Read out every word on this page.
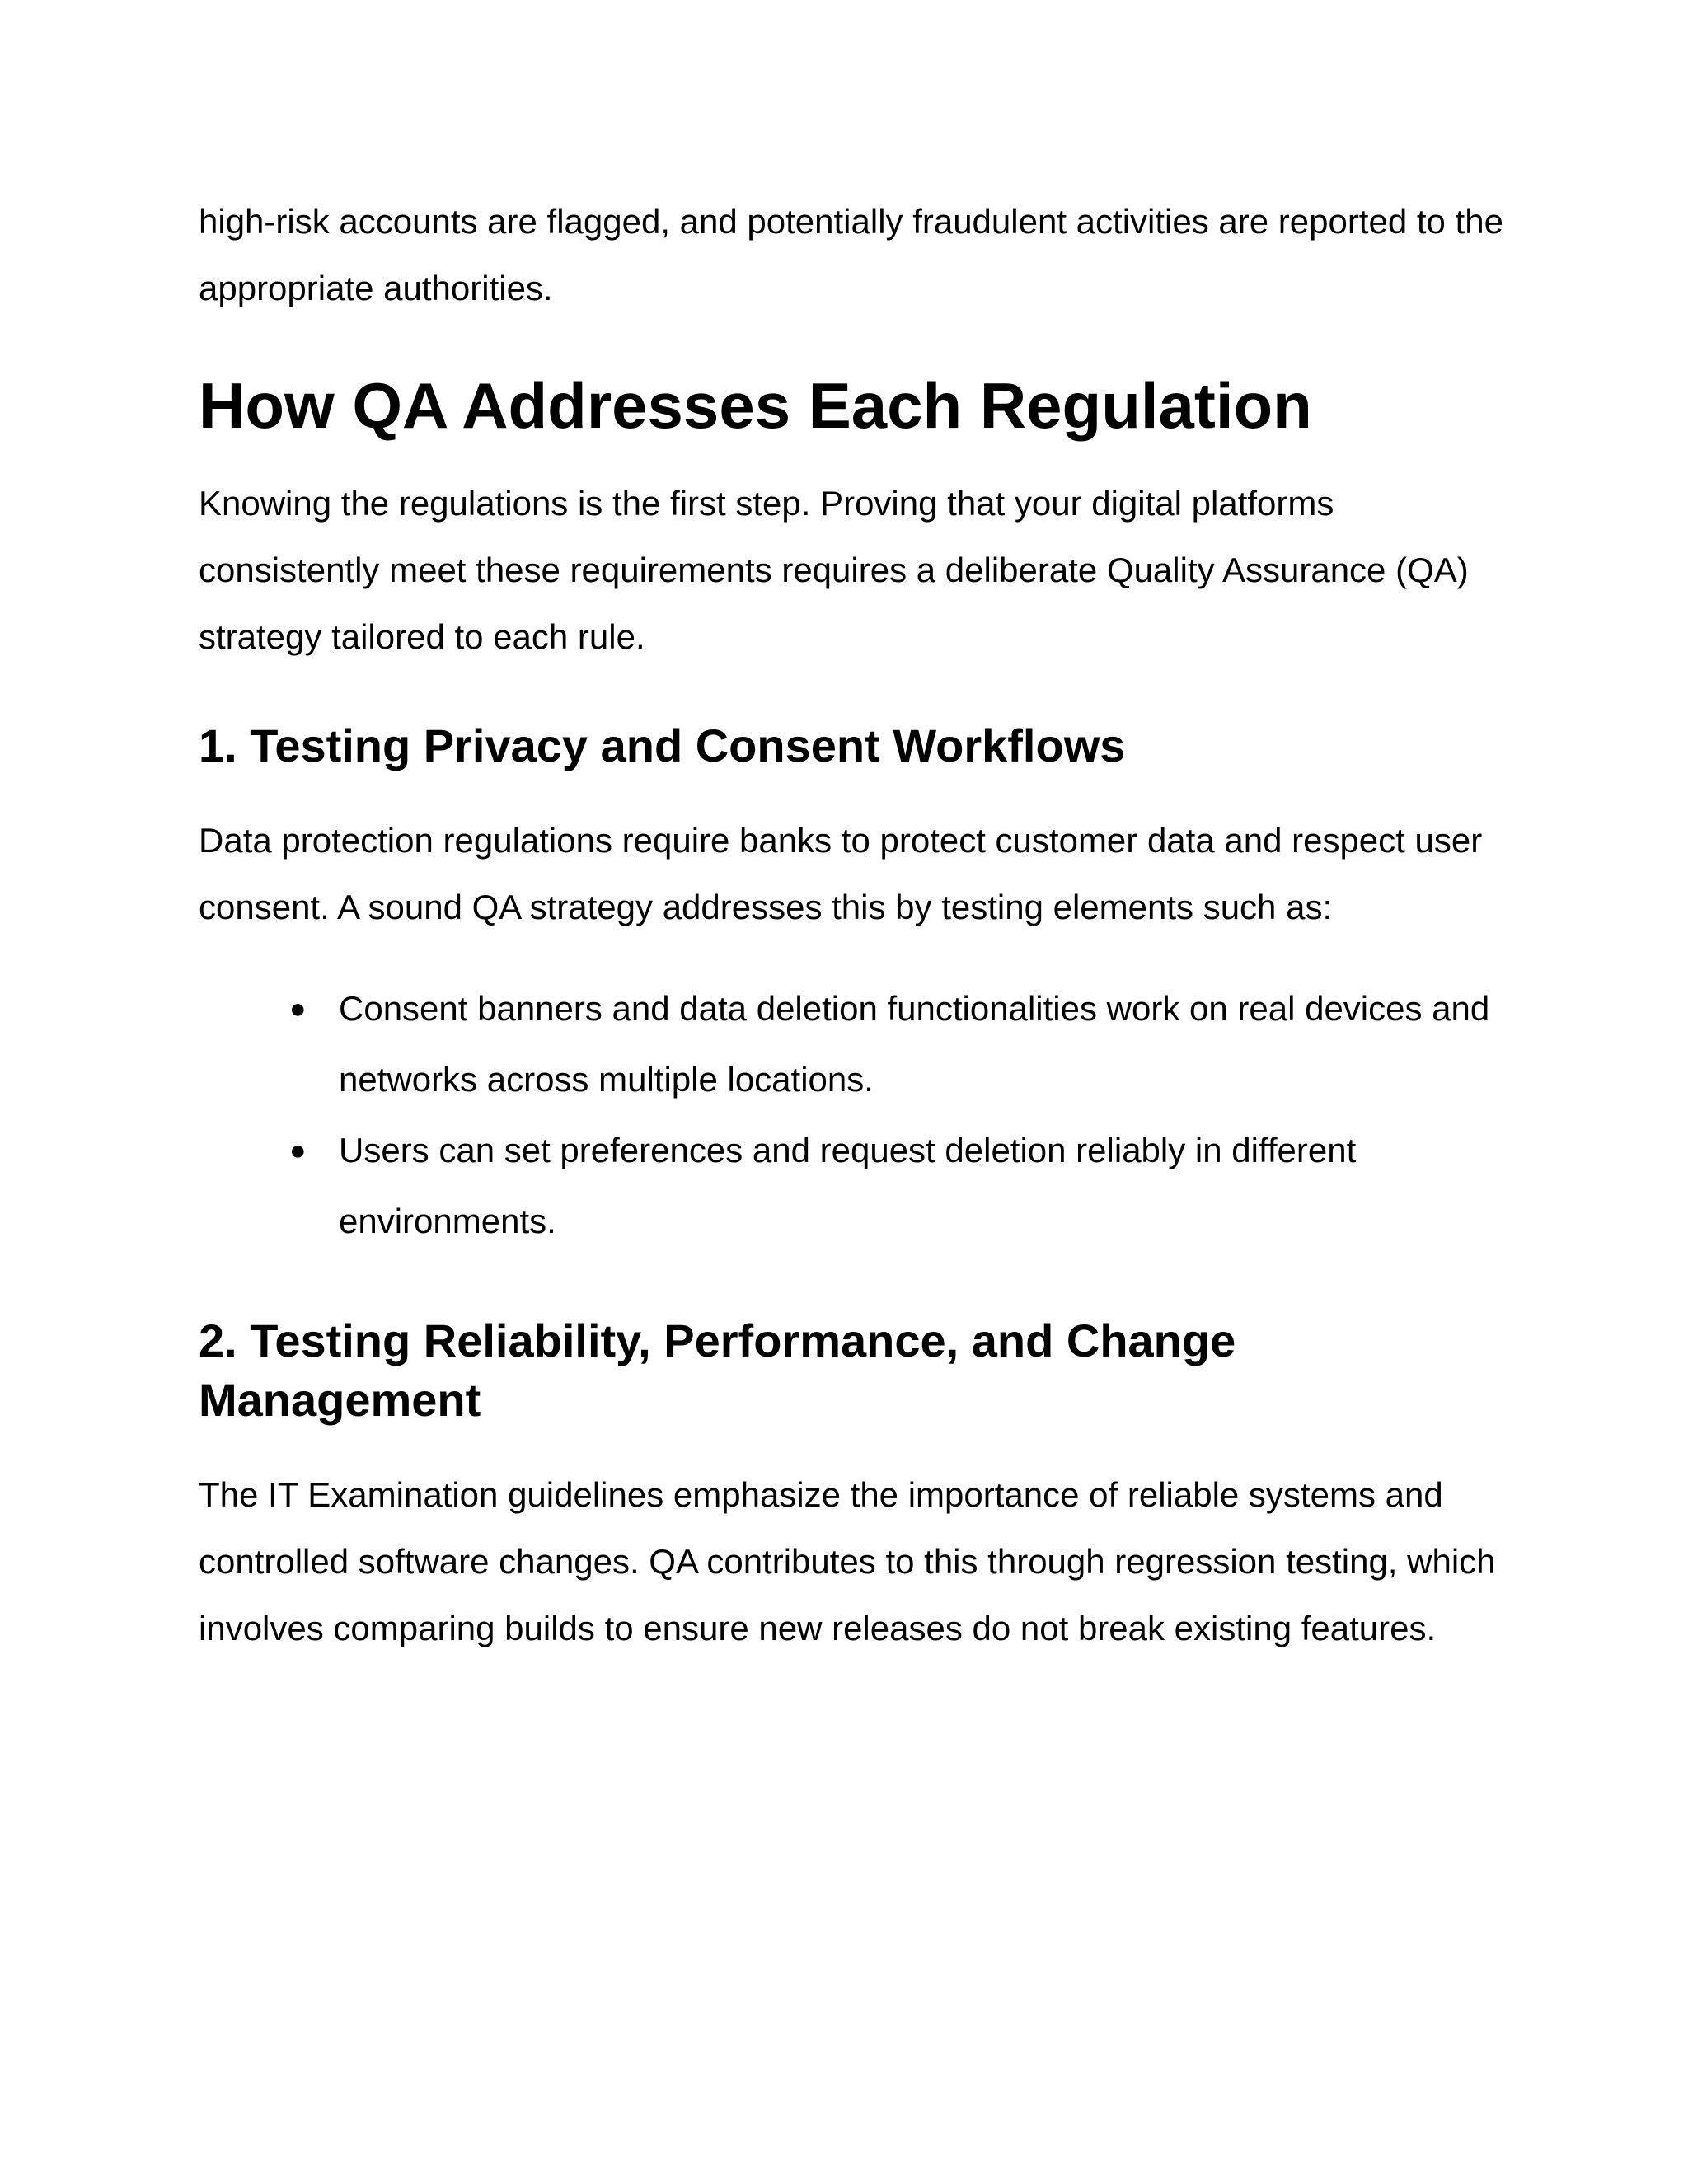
high-risk accounts are flagged, and potentially fraudulent activities are reported to the appropriate authorities.

How QA Addresses Each Regulation

Knowing the regulations is the first step. Proving that your digital platforms consistently meet these requirements requires a deliberate Quality Assurance (QA) strategy tailored to each rule.

1. Testing Privacy and Consent Workflows

Data protection regulations require banks to protect customer data and respect user consent. A sound QA strategy addresses this by testing elements such as:

● Consent banners and data deletion functionalities work on real devices and networks across multiple locations.
● Users can set preferences and request deletion reliably in different environments.
2. Testing Reliability, Performance, and Change Management

The IT Examination guidelines emphasize the importance of reliable systems and controlled software changes. QA contributes to this through regression testing, which involves comparing builds to ensure new releases do not break existing features.
